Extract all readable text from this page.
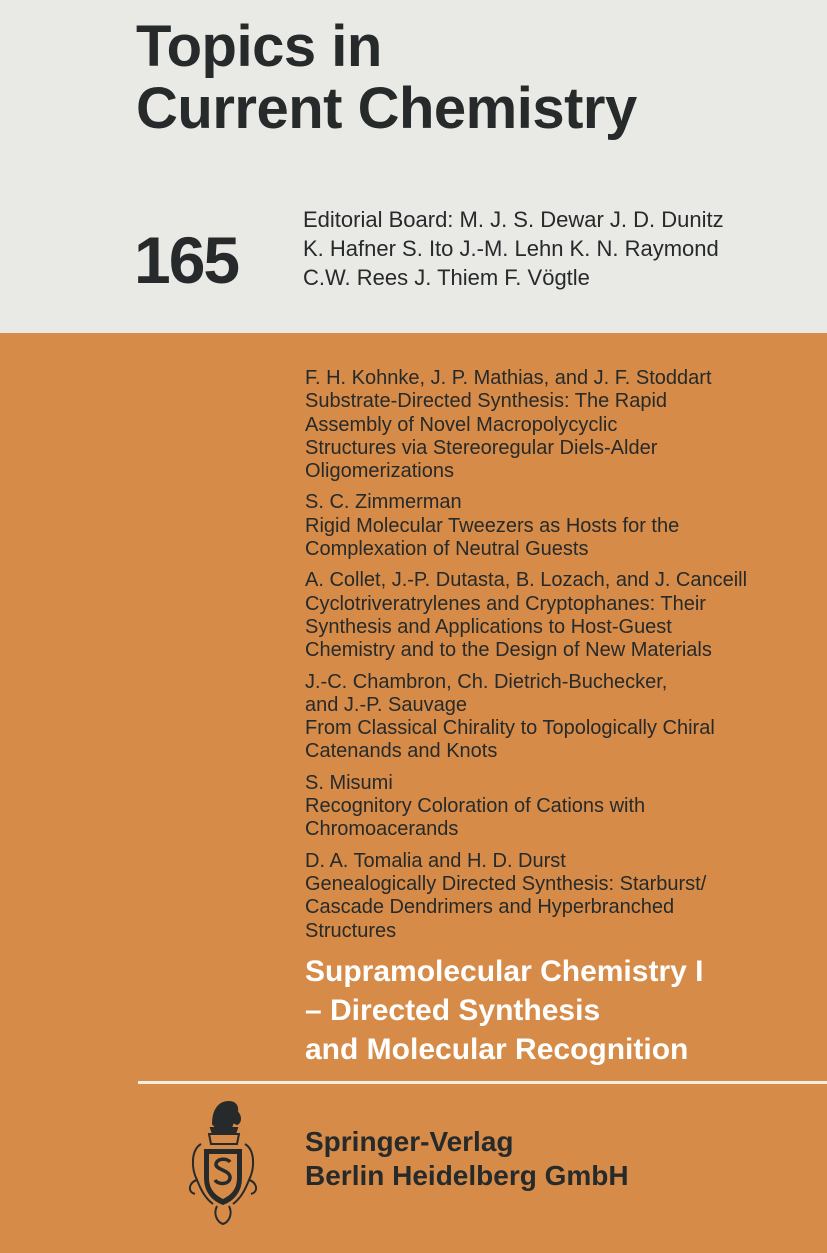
Topics in
Current Chemistry
165
Editorial Board: M. J. S. Dewar J. D. Dunitz
K. Hafner S. Ito J.-M. Lehn K. N. Raymond
C.W. Rees J. Thiem F. Vögtle
F. H. Kohnke, J. P. Mathias, and J. F. Stoddart
Substrate-Directed Synthesis: The Rapid
Assembly of Novel Macropolycyclic
Structures via Stereoregular Diels-Alder
Oligomerizations
S. C. Zimmerman
Rigid Molecular Tweezers as Hosts for the
Complexation of Neutral Guests
A. Collet, J.-P. Dutasta, B. Lozach, and J. Canceill
Cyclotriveratrylenes and Cryptophanes: Their
Synthesis and Applications to Host-Guest
Chemistry and to the Design of New Materials
J.-C. Chambron, Ch. Dietrich-Buchecker,
and J.-P. Sauvage
From Classical Chirality to Topologically Chiral
Catenands and Knots
S. Misumi
Recognitory Coloration of Cations with
Chromoacerands
D. A. Tomalia and H. D. Durst
Genealogically Directed Synthesis: Starburst/
Cascade Dendrimers and Hyperbranched
Structures
Supramolecular Chemistry I
– Directed Synthesis
and Molecular Recognition
Springer-Verlag
Berlin Heidelberg GmbH
